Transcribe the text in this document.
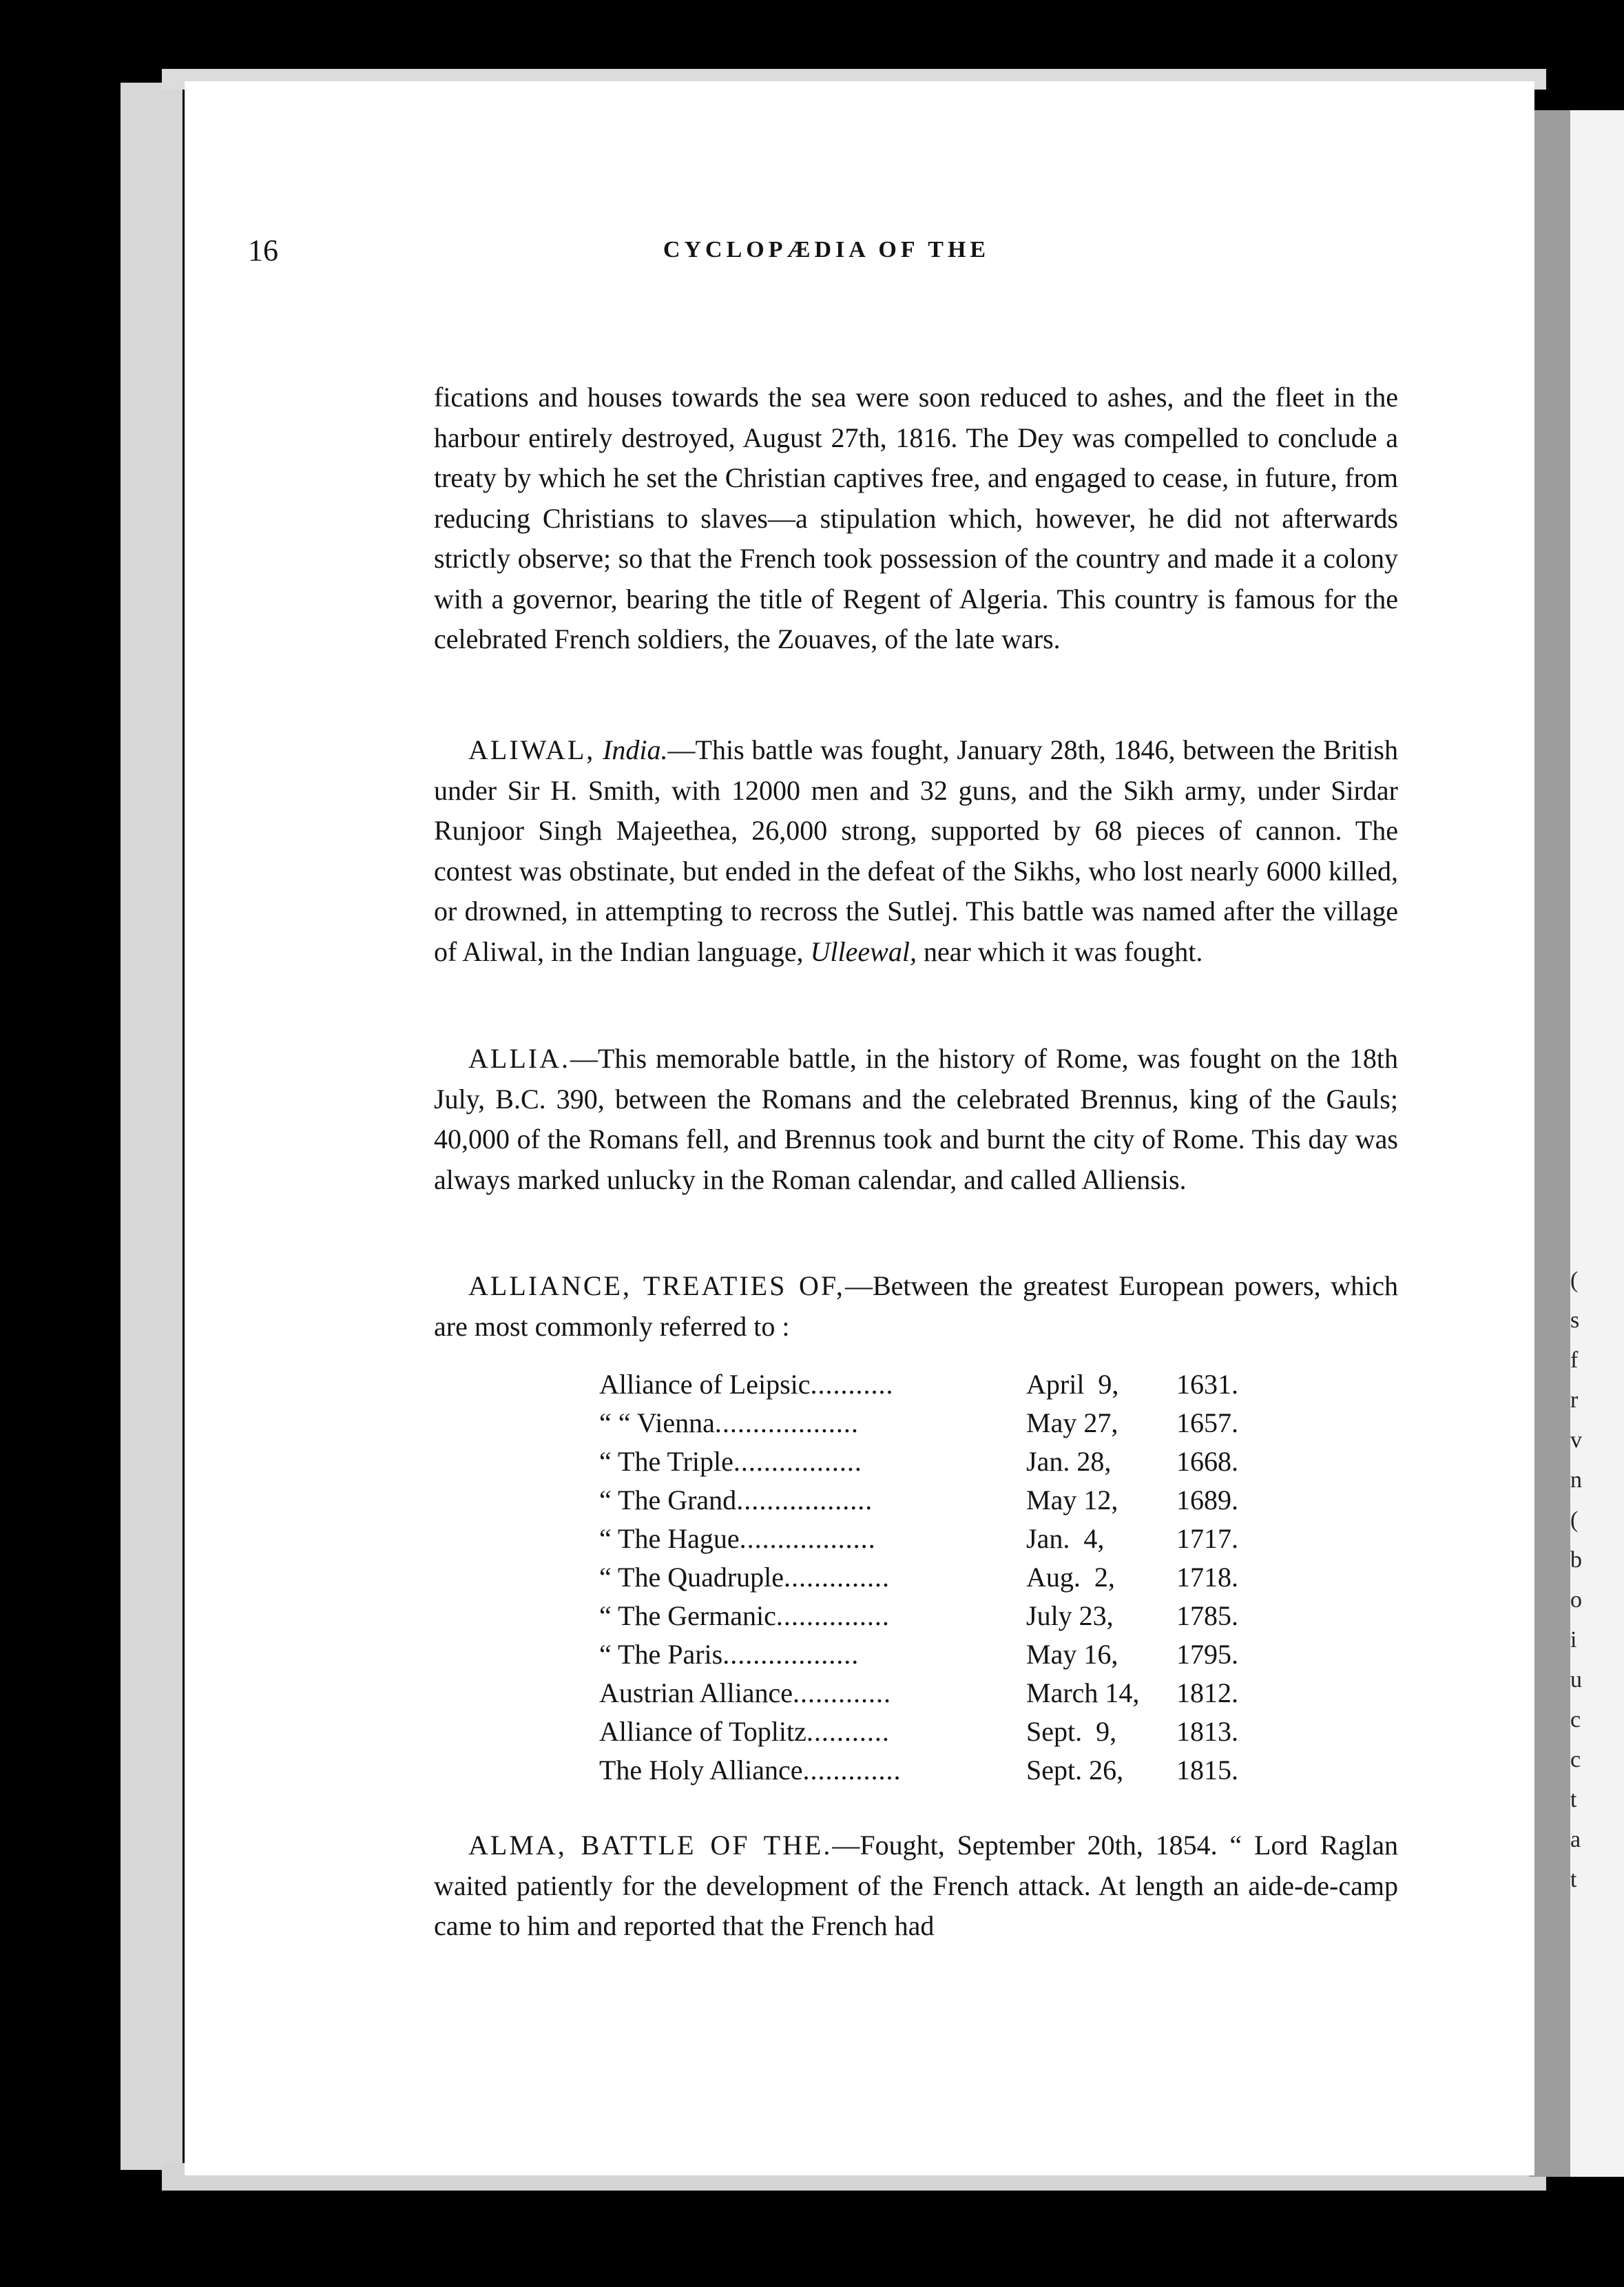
16	CYCLOPÆDIA OF THE

fications and houses towards the sea were soon reduced to ashes, and the fleet in the harbour entirely destroyed, August 27th, 1816. The Dey was compelled to conclude a treaty by which he set the Christian captives free, and engaged to cease, in future, from reducing Christians to slaves—a stipulation which, however, he did not afterwards strictly observe; so that the French took possession of the country and made it a colony with a governor, bearing the title of Regent of Algeria. This country is famous for the celebrated French soldiers, the Zouaves, of the late wars.

ALIWAL, India.—This battle was fought, January 28th, 1846, between the British under Sir H. Smith, with 12000 men and 32 guns, and the Sikh army, under Sirdar Runjoor Singh Majeethea, 26,000 strong, supported by 68 pieces of cannon. The contest was obstinate, but ended in the defeat of the Sikhs, who lost nearly 6000 killed, or drowned, in attempting to recross the Sutlej. This battle was named after the village of Aliwal, in the Indian language, Ulleewal, near which it was fought.

ALLIA.—This memorable battle, in the history of Rome, was fought on the 18th July, B.C. 390, between the Romans and the celebrated Brennus, king of the Gauls; 40,000 of the Romans fell, and Brennus took and burnt the city of Rome. This day was always marked unlucky in the Roman calendar, and called Alliensis.

ALLIANCE, TREATIES OF,—Between the greatest European powers, which are most commonly referred to :

Alliance of Leipsic...........	April  9,	1631.
“ “ Vienna...................	May 27,	1657.
“ The Triple.................	Jan. 28,	1668.
“ The Grand..................	May 12,	1689.
“ The Hague..................	Jan.  4,	1717.
“ The Quadruple..............	Aug.  2,	1718.
“ The Germanic...............	July 23,	1785.
“ The Paris..................	May 16,	1795.
Austrian Alliance.............	March 14,	1812.
Alliance of Toplitz...........	Sept.  9,	1813.
The Holy Alliance.............	Sept. 26,	1815.

ALMA, BATTLE OF THE.—Fought, September 20th, 1854. “ Lord Raglan waited patiently for the development of the French attack. At length an aide-de-camp came to him and reported that the French had

(
s
f
r
v
n
(
b
o
i
u
c
c
t
a
t
